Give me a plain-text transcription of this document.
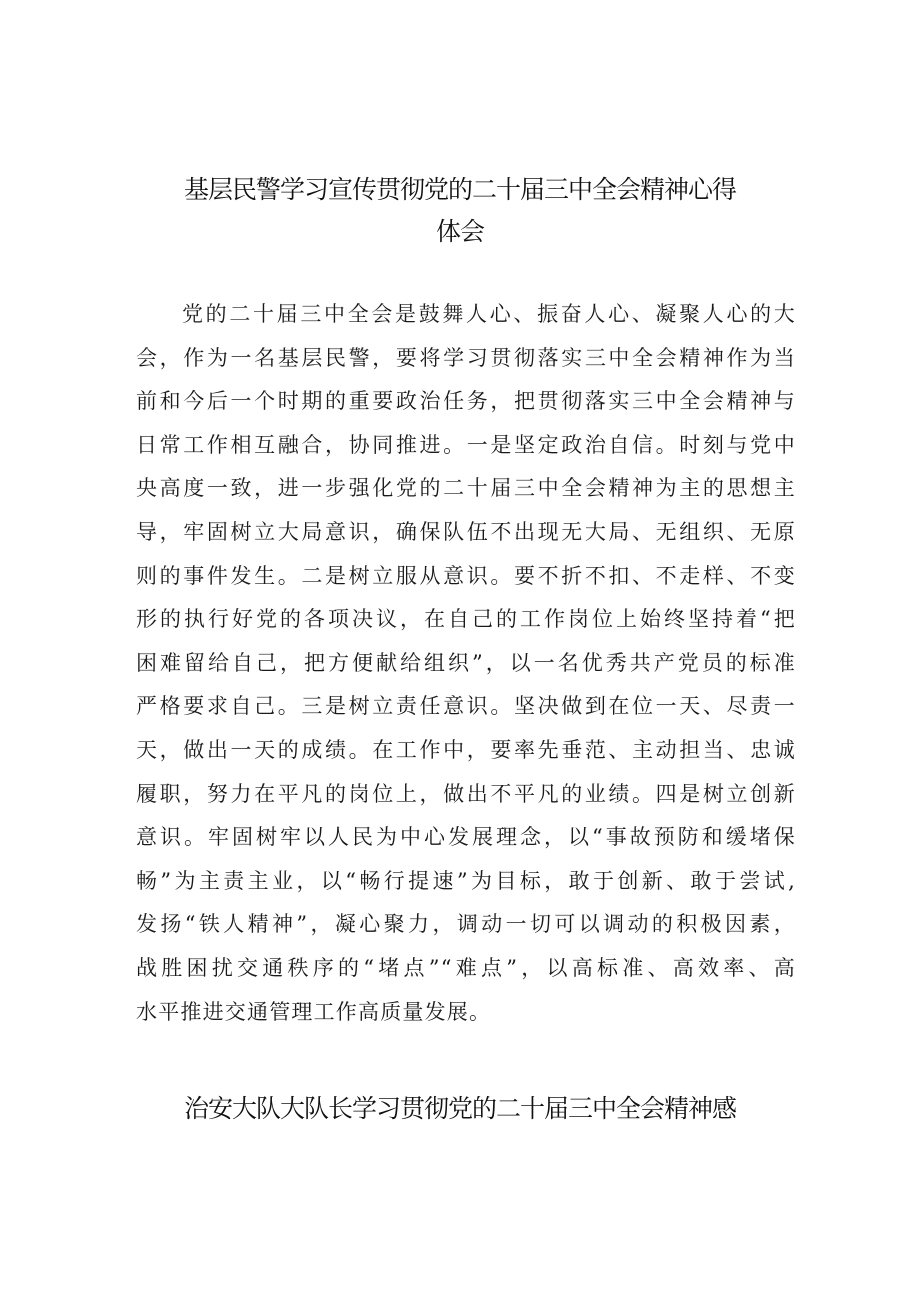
基层民警学习宣传贯彻党的二十届三中全会精神心得
体会
党的二十届三中全会是鼓舞人心、振奋人心、凝聚人心的大
会，作为一名基层民警，要将学习贯彻落实三中全会精神作为当
前和今后一个时期的重要政治任务，把贯彻落实三中全会精神与
日常工作相互融合，协同推进。一是坚定政治自信。时刻与党中
央高度一致，进一步强化党的二十届三中全会精神为主的思想主
导，牢固树立大局意识，确保队伍不出现无大局、无组织、无原
则的事件发生。二是树立服从意识。要不折不扣、不走样、不变
形的执行好党的各项决议，在自己的工作岗位上始终坚持着“把
困难留给自己，把方便献给组织”，以一名优秀共产党员的标准
严格要求自己。三是树立责任意识。坚决做到在位一天、尽责一
天，做出一天的成绩。在工作中，要率先垂范、主动担当、忠诚
履职，努力在平凡的岗位上，做出不平凡的业绩。四是树立创新
意识。牢固树牢以人民为中心发展理念，以“事故预防和缓堵保
畅”为主责主业，以“畅行提速”为目标，敢于创新、敢于尝试,
发扬“铁人精神”，凝心聚力，调动一切可以调动的积极因素，
战胜困扰交通秩序的“堵点”“难点”，以高标准、高效率、高
水平推进交通管理工作高质量发展。
治安大队大队长学习贯彻党的二十届三中全会精神感
